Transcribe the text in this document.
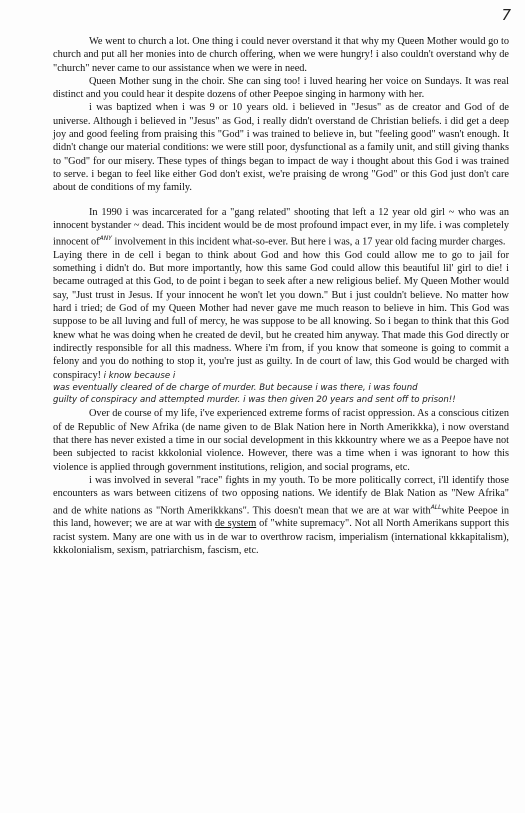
7

We went to church a lot. One thing i could never overstand it that why my Queen Mother would go to church and put all her monies into de church offering, when we were hungry! i also couldn't overstand why de "church" never came to our assistance when we were in need.

Queen Mother sung in the choir. She can sing too! i luved hearing her voice on Sundays. It was real distinct and you could hear it despite dozens of other Peepoe singing in harmony with her.

i was baptized when i was 9 or 10 years old. i believed in "Jesus" as de creator and God of de universe. Although i believed in "Jesus" as God, i really didn't overstand de Christian beliefs. i did get a deep joy and good feeling from praising this "God" i was trained to believe in, but "feeling good" wasn't enough. It didn't change our material conditions: we were still poor, dysfunctional as a family unit, and still giving thanks to "God" for our misery. These types of things began to impact de way i thought about this God i was trained to serve. i began to feel like either God don't exist, we're praising de wrong "God" or this God just don't care about de conditions of my family.

In 1990 i was incarcerated for a "gang related" shooting that left a 12 year old girl ~ who was an innocent bystander ~ dead. This incident would be de most profound impact ever, in my life. i was completely innocent $of^{ANY}$ involvement in this incident what-so-ever. But here i was, a 17 year old facing murder charges.

Laying there in de cell i began to think about God and how this God could allow me to go to jail for something i didn't do. But more importantly, how this same God could allow this beautiful lil' girl to die! i became outraged at this God, to de point i began to seek after a new religious belief. My Queen Mother would say, "Just trust in Jesus. If your innocent he won't let you down." But i just couldn't believe. No matter how hard i tried; de God of my Queen Mother had never gave me much reason to believe in him. This God was suppose to be all luving and full of mercy, he was suppose to be all knowing. So i began to think that this God knew what he was doing when he created de devil, but he created him anyway. That made this God directly or indirectly responsible for all this madness. Where i'm from, if you know that someone is going to commit a felony and you do nothing to stop it, you're just as guilty. In de court of law, this God would be charged with conspiracy! i know because i
was eventually cleared of de charge of murder. But because i was there, i was found
guilty of conspiracy and attempted murder. i was then given 20 years and sent off to prison!!

Over de course of my life, i've experienced extreme forms of racist oppression. As a conscious citizen of de Republic of New Afrika (de name given to de Blak Nation here in North Amerikkka), i now overstand that there has never existed a time in our social development in this kkkountry where we as a Peepoe have not been subjected to racist kkkolonial violence. However, there was a time when i was ignorant to how this violence is applied through government institutions, religion, and social programs, etc.

i was involved in several "race" fights in my youth. To be more politically correct, i'll identify those encounters as wars between citizens of two opposing nations. We identify de Blak Nation as "New Afrika" and de white nations as "North Amerikkkans". This doesn't mean that we are at war with$^{ALL}$white Peepoe in this land, however; we are at war with de system of "white supremacy". Not all North Amerikans support this racist system. Many are one with us in de war to overthrow racism, imperialism (international kkkapitalism), kkkolonialism, sexism, patriarchism, fascism, etc.
